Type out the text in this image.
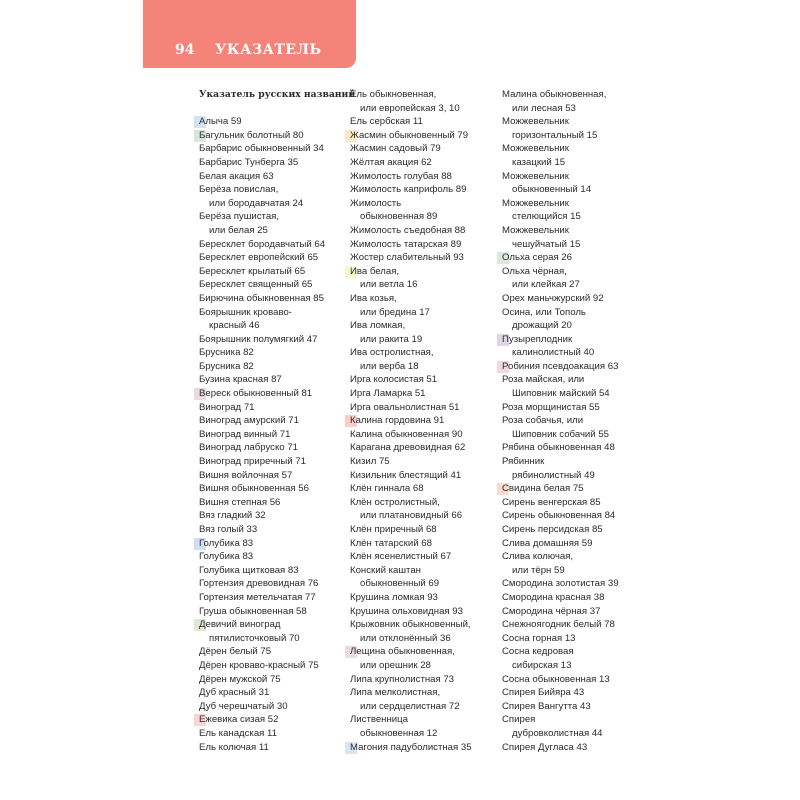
94 УКАЗАТЕЛЬ
Указатель русских названий
Алыча 59
Багульник болотный 80
Барбарис обыкновенный 34
Барбарис Тунберга 35
Белая акация 63
Берёза повислая,
или бородавчатая 24
Берёза пушистая,
или белая 25
Бересклет бородавчатый 64
Бересклет европейский 65
Бересклет крылатый 65
Бересклет священный 65
Бирючина обыкновенная 85
Боярышник кроваво-
красный 46
Боярышник полумягкий 47
Брусника 82
Брусника 82
Бузина красная 87
Вереск обыкновенный 81
Виноград 71
Виноград амурский 71
Виноград винный 71
Виноград лабруско 71
Виноград приречный 71
Вишня войлочная 57
Вишня обыкновенная 56
Вишня степная 56
Вяз гладкий 32
Вяз голый 33
Голубика 83
Голубика 83
Голубика щитковая 83
Гортензия древовидная 76
Гортензия метельчатая 77
Груша обыкновенная 58
Девичий виноград
пятилисточковый 70
Дёрен белый 75
Дёрен кроваво-красный 75
Дёрен мужской 75
Дуб красный 31
Дуб черешчатый 30
Ежевика сизая 52
Ель канадская 11
Ель колючая 11
Ель обыкновенная,
или европейская 3, 10
Ель сербская 11
Жасмин обыкновенный 79
Жасмин садовый 79
Жёлтая акация 62
Жимолость голубая 88
Жимолость каприфоль 89
Жимолость
обыкновенная 89
Жимолость съедобная 88
Жимолость татарская 89
Жостер слабительный 93
Ива белая,
или ветла 16
Ива козья,
или бредина 17
Ива ломкая,
или ракита 19
Ива остролистная,
или верба 18
Ирга колосистая 51
Ирга Ламарка 51
Ирга овальнолистная 51
Калина гордовина 91
Калина обыкновенная 90
Карагана древовидная 62
Кизил 75
Кизильник блестящий 41
Клён гиннала 68
Клён остролистный,
или платановидный 66
Клён приречный 68
Клён татарский 68
Клён ясенелистный 67
Конский каштан
обыкновенный 69
Крушина ломкая 93
Крушина ольховидная 93
Крыжовник обыкновенный,
или отклонённый 36
Лещина обыкновенная,
или орешник 28
Липа крупнолистная 73
Липа мелколистная,
или сердцелистная 72
Лиственница
обыкновенная 12
Магония падуболистная 35
Малина обыкновенная,
или лесная 53
Можжевельник
горизонтальный 15
Можжевельник
казацкий 15
Можжевельник
обыкновенный 14
Можжевельник
стелющийся 15
Можжевельник
чешуйчатый 15
Ольха серая 26
Ольха чёрная,
или клейкая 27
Орех маньчжурский 92
Осина, или Тополь
дрожащий 20
Пузыреплодник
калинолистный 40
Робиния псевдоакация 63
Роза майская, или
Шиповник майский 54
Роза морщинистая 55
Роза собачья, или
Шиповник собачий 55
Рябина обыкновенная 48
Рябинник
рябинолистный 49
Свидина белая 75
Сирень венгерская 85
Сирень обыкновенная 84
Сирень персидская 85
Слива домашняя 59
Слива колючая,
или тёрн 59
Смородина золотистая 39
Смородина красная 38
Смородина чёрная 37
Снежноягодник белый 78
Сосна горная 13
Сосна кедровая
сибирская 13
Сосна обыкновенная 13
Спирея Бийяра 43
Спирея Вангутта 43
Спирея
дубровколистная 44
Спирея Дугласа 43
